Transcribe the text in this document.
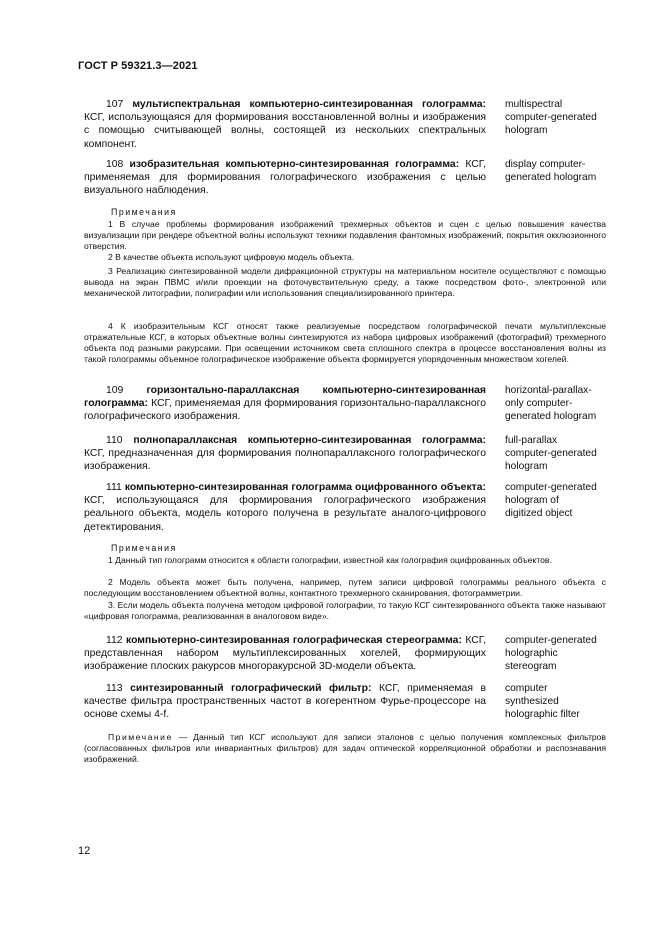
ГОСТ Р 59321.3—2021
107 мультиспектральная компьютерно-синтезированная голограмма: КСГ, использующаяся для формирования восстановленной волны и изображения с помощью считывающей волны, состоящей из нескольких спектральных компонент.
multispectral
computer-generated
hologram
108 изобразительная компьютерно-синтезированная голограмма: КСГ, применяемая для формирования голографического изображения с целью визуального наблюдения.
display computer-
generated hologram
Примечания
1 В случае проблемы формирования изображений трехмерных объектов и сцен с целью повышения качества визуализации при рендере объектной волны используют техники подавления фантомных изображений, покрытия окклюзионного отверстия.
2 В качестве объекта используют цифровую модель объекта.
3 Реализацию синтезированной модели дифракционной структуры на материальном носителе осуществляют с помощью вывода на экран ПВМС и/или проекции на фоточувствительную среду, а также посредством фото-, электронной или механической литографии, полиграфии или использования специализированного принтера.
4 К изобразительным КСГ относят также реализуемые посредством голографической печати мультиплексные отражательные КСГ, в которых объектные волны синтезируются из набора цифровых изображений (фотографий) трехмерного объекта под разными ракурсами. При освещении источником света сплошного спектра в процессе восстановления волны из такой голограммы объемное голографическое изображение объекта формируется упорядоченным множеством хогелей.
109 горизонтально-параллаксная компьютерно-синтезированная голограмма: КСГ, применяемая для формирования горизонтально-параллаксного голографического изображения.
horizontal-parallax-
only computer-
generated hologram
110 полнопараллаксная компьютерно-синтезированная голограмма: КСГ, предназначенная для формирования полнопараллаксного голографического изображения.
full-parallax
computer-generated
hologram
111 компьютерно-синтезированная голограмма оцифрованного объекта: КСГ, использующаяся для формирования голографического изображения реального объекта, модель которого получена в результате аналого-цифрового детектирования.
computer-generated
hologram of
digitized object
Примечания
1 Данный тип голограмм относится к области голографии, известной как голография оцифрованных объектов.
2 Модель объекта может быть получена, например, путем записи цифровой голограммы реального объекта с последующим восстановлением объектной волны, контактного трехмерного сканирования, фотограмметрии.
3. Если модель объекта получена методом цифровой голографии, то такую КСГ синтезированного объекта также называют «цифровая голограмма, реализованная в аналоговом виде».
112 компьютерно-синтезированная голографическая стереограмма: КСГ, представленная набором мультиплексированных хогелей, формирующих изображение плоских ракурсов многоракурсной 3D-модели объекта.
computer-generated
holographic
stereogram
113 синтезированный голографический фильтр: КСГ, применяемая в качестве фильтра пространственных частот в когерентном Фурье-процессоре на основе схемы 4-f.
computer
synthesized
holographic filter
Примечание — Данный тип КСГ используют для записи эталонов с целью получения комплексных фильтров (согласованных фильтров или инвариантных фильтров) для задач оптической корреляционной обработки и распознавания изображений.
12
